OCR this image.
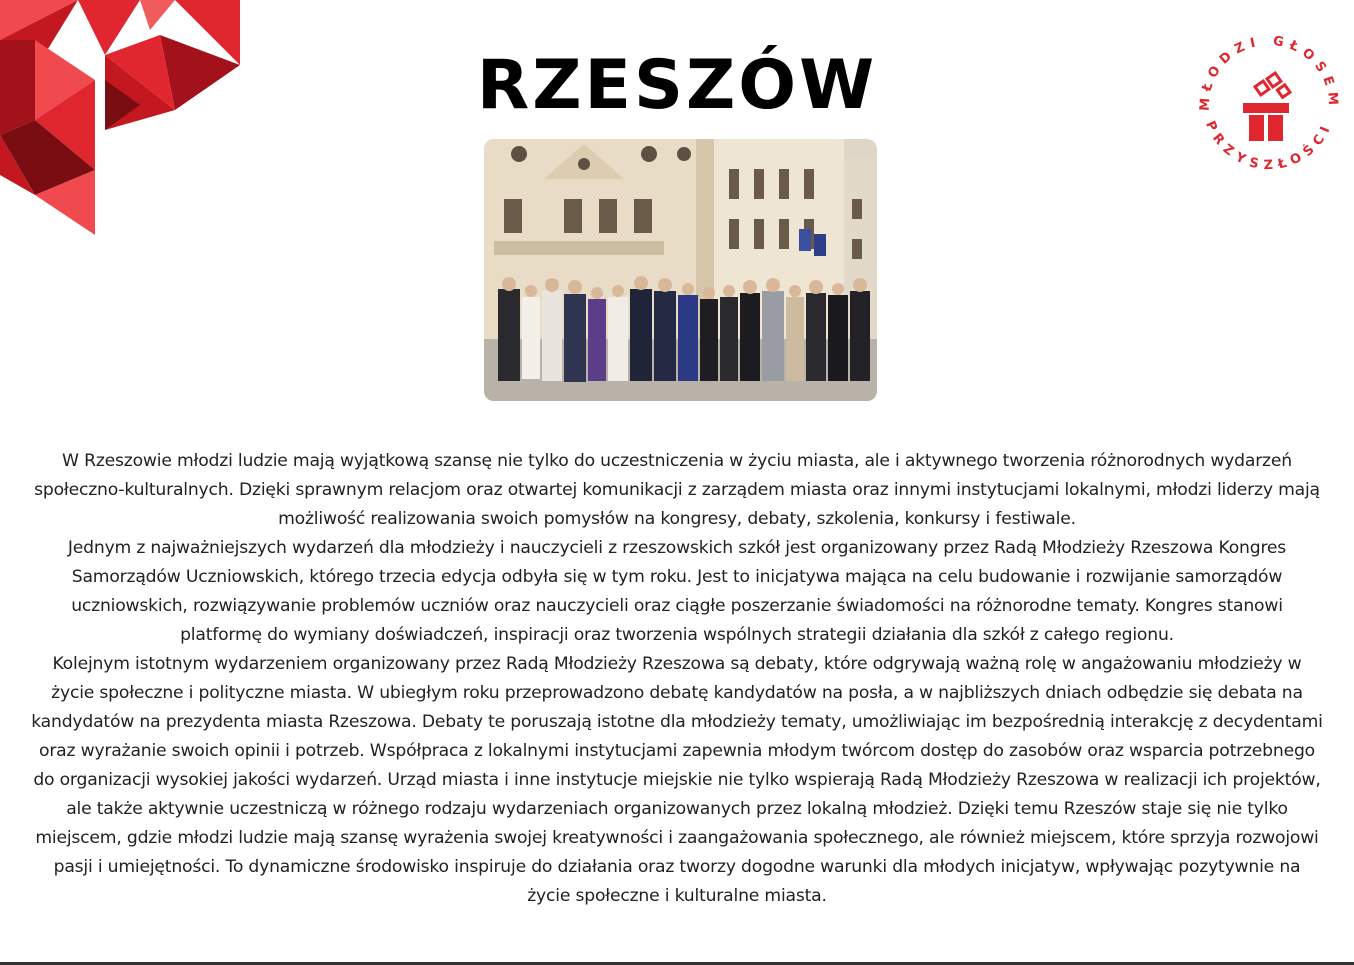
RZESZÓW	MŁODZI GŁOSEM
PRZYSZŁOŚCI

W Rzeszowie młodzi ludzie mają wyjątkową szansę nie tylko do uczestniczenia w życiu miasta, ale i aktywnego tworzenia różnorodnych wydarzeń społeczno-kulturalnych. Dzięki sprawnym relacjom oraz otwartej komunikacji z zarządem miasta oraz innymi instytucjami lokalnymi, młodzi liderzy mają możliwość realizowania swoich pomysłów na kongresy, debaty, szkolenia, konkursy i festiwale.

Jednym z najważniejszych wydarzeń dla młodzieży i nauczycieli z rzeszowskich szkół jest organizowany przez Radą Młodzieży Rzeszowa Kongres Samorządów Uczniowskich, którego trzecia edycja odbyła się w tym roku. Jest to inicjatywa mająca na celu budowanie i rozwijanie samorządów uczniowskich, rozwiązywanie problemów uczniów oraz nauczycieli oraz ciągłe poszerzanie świadomości na różnorodne tematy. Kongres stanowi platformę do wymiany doświadczeń, inspiracji oraz tworzenia wspólnych strategii działania dla szkół z całego regionu.

Kolejnym istotnym wydarzeniem organizowany przez Radą Młodzieży Rzeszowa są debaty, które odgrywają ważną rolę w angażowaniu młodzieży w życie społeczne i polityczne miasta. W ubiegłym roku przeprowadzono debatę kandydatów na posła, a w najbliższych dniach odbędzie się debata na kandydatów na prezydenta miasta Rzeszowa. Debaty te poruszają istotne dla młodzieży tematy, umożliwiając im bezpośrednią interakcję z decydentami oraz wyrażanie swoich opinii i potrzeb. Współpraca z lokalnymi instytucjami zapewnia młodym twórcom dostęp do zasobów oraz wsparcia potrzebnego do organizacji wysokiej jakości wydarzeń. Urząd miasta i inne instytucje miejskie nie tylko wspierają Radą Młodzieży Rzeszowa w realizacji ich projektów, ale także aktywnie uczestniczą w różnego rodzaju wydarzeniach organizowanych przez lokalną młodzież. Dzięki temu Rzeszów staje się nie tylko miejscem, gdzie młodzi ludzie mają szansę wyrażenia swojej kreatywności i zaangażowania społecznego, ale również miejscem, które sprzyja rozwojowi pasji i umiejętności. To dynamiczne środowisko inspiruje do działania oraz tworzy dogodne warunki dla młodych inicjatyw, wpływając pozytywnie na życie społeczne i kulturalne miasta.
